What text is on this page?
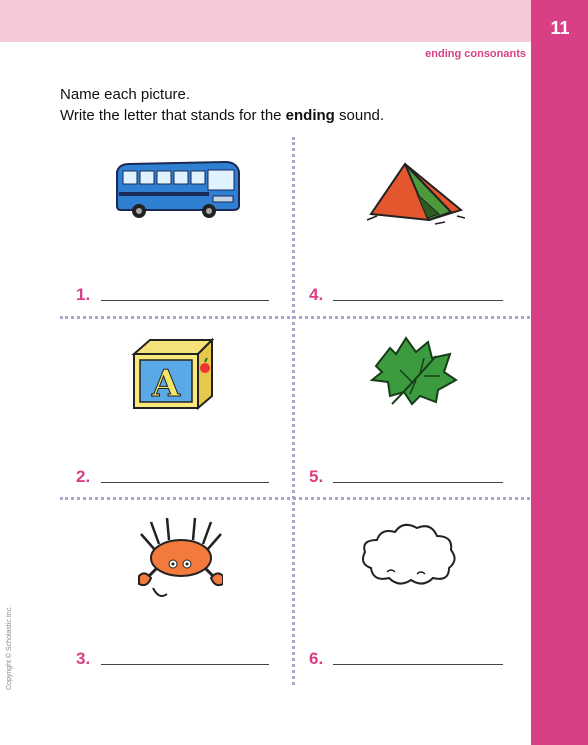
11
ending consonants
Name each picture.
Write the letter that stands for the ending sound.
A
1.	4.
2.	5.
3.	6.
Copyright © Scholastic Inc.
